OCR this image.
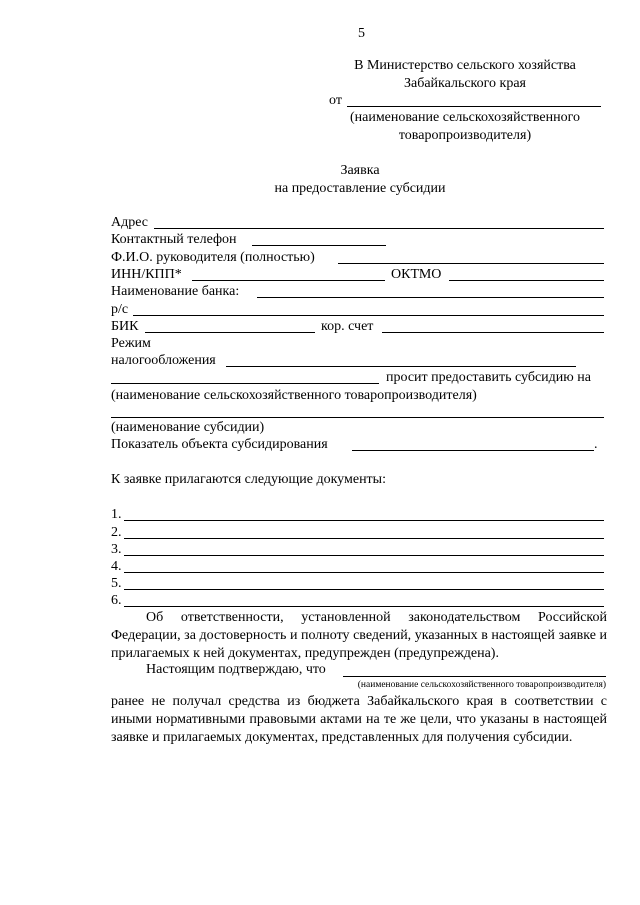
5
В Министерство сельского хозяйства
Забайкальского края
от
(наименование сельскохозяйственного
товаропроизводителя)
Заявка
на предоставление субсидии
Адрес
Контактный телефон
Ф.И.О. руководителя (полностью)
ИНН/КПП*	ОКТМО
Наименование банка:
р/с
БИК	кор. счет
Режим
налогообложения
просит предоставить субсидию на
(наименование сельскохозяйственного товаропроизводителя)
(наименование субсидии)
Показатель объекта субсидирования	.
К заявке прилагаются следующие документы:
1.
2.
3.
4.
5.
6.
Об ответственности, установленной законодательством Российской Федерации, за достоверность и полноту сведений, указанных в настоящей заявке и прилагаемых к ней документах, предупрежден (предупреждена).
Настоящим подтверждаю, что
(наименование сельскохозяйственного товаропроизводителя)
ранее не получал средства из бюджета Забайкальского края в соответствии с иными нормативными правовыми актами на те же цели, что указаны в настоящей заявке и прилагаемых документах, представленных для получения субсидии.
